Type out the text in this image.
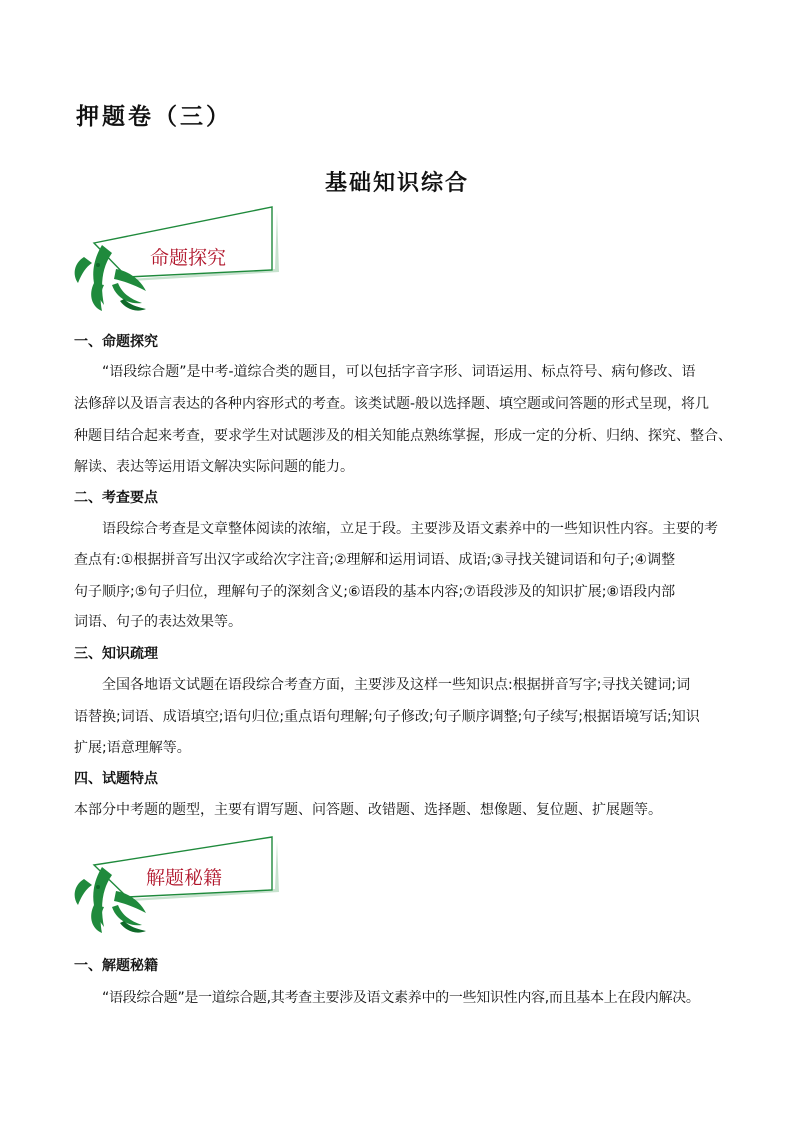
押题卷（三）
基础知识综合
命题探究
一、命题探究
“语段综合题”是中考-道综合类的题目，可以包括字音字形、词语运用、标点符号、病句修改、语
法修辞以及语言表达的各种内容形式的考查。该类试题-般以选择题、填空题或问答题的形式呈现，将几
种题目结合起来考查，要求学生对试题涉及的相关知能点熟练掌握，形成一定的分析、归纳、探究、整合、
解读、表达等运用语文解决实际问题的能力。
二、考查要点
语段综合考查是文章整体阅读的浓缩，立足于段。主要涉及语文素养中的一些知识性内容。主要的考
查点有:①根据拼音写出汉字或给次字注音;②理解和运用词语、成语;③寻找关键词语和句子;④调整
句子顺序;⑤句子归位，理解句子的深刻含义;⑥语段的基本内容;⑦语段涉及的知识扩展;⑧语段内部
词语、句子的表达效果等。
三、知识疏理
全国各地语文试题在语段综合考查方面，主要涉及这样一些知识点:根据拼音写字;寻找关键词;词
语替换;词语、成语填空;语句归位;重点语句理解;句子修改;句子顺序调整;句子续写;根据语境写话;知识
扩展;语意理解等。
四、试题特点
本部分中考题的题型，主要有谓写题、问答题、改错题、选择题、想像题、复位题、扩展题等。
解题秘籍
一、解题秘籍
“语段综合题”是一道综合题,其考查主要涉及语文素养中的一些知识性内容,而且基本上在段内解决。
